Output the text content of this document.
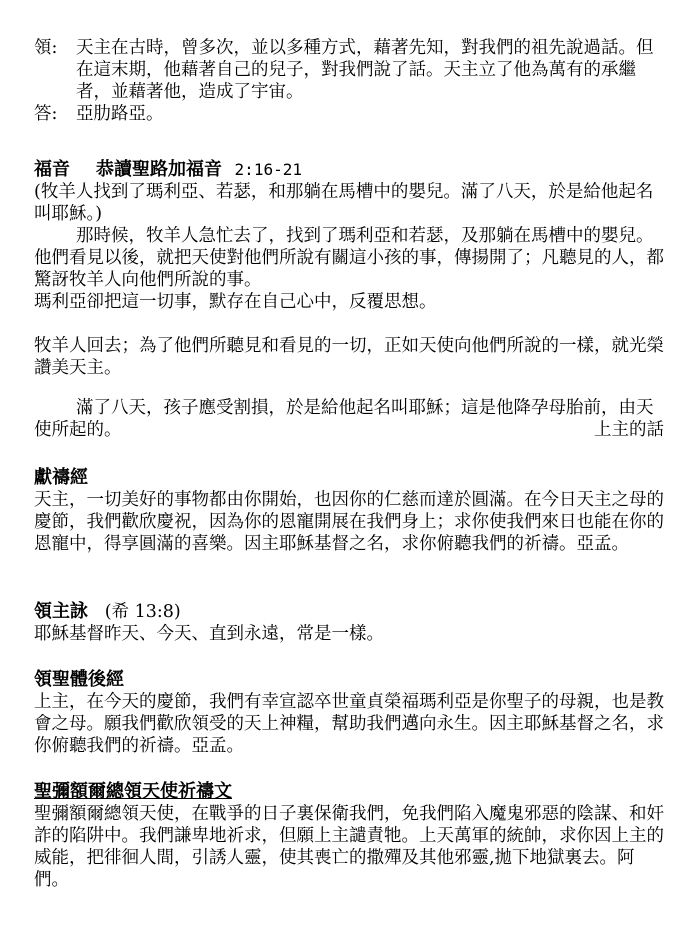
領:	天主在古時，曾多次，並以多種方式，藉著先知，對我們的祖先說過話。但在這末期，他藉著自己的兒子，對我們說了話。天主立了他為萬有的承繼者，並藉著他，造成了宇宙。
答:	亞肋路亞。
福音 恭讀聖路加福音 2:16-21

(牧羊人找到了瑪利亞、若瑟，和那躺在馬槽中的嬰兒。滿了八天，於是給他起名叫耶穌。)

那時候，牧羊人急忙去了，找到了瑪利亞和若瑟，及那躺在馬槽中的嬰兒。他們看見以後，就把天使對他們所說有關這小孩的事，傳揚開了；凡聽見的人，都驚訝牧羊人向他們所說的事。

瑪利亞卻把這一切事，默存在自己心中，反覆思想。

牧羊人回去；為了他們所聽見和看見的一切，正如天使向他們所說的一樣，就光榮讚美天主。

滿了八天，孩子應受割損，於是給他起名叫耶穌；這是他降孕母胎前，由天使所起的。	上主的話
獻禱經

天主，一切美好的事物都由你開始，也因你的仁慈而達於圓滿。在今日天主之母的慶節，我們歡欣慶祝，因為你的恩寵開展在我們身上；求你使我們來日也能在你的恩寵中，得享圓滿的喜樂。因主耶穌基督之名，求你俯聽我們的祈禱。亞孟。

領主詠 (希 13:8)

耶穌基督昨天、今天、直到永遠，常是一樣。

領聖體後經

上主，在今天的慶節，我們有幸宣認卒世童貞榮福瑪利亞是你聖子的母親，也是教會之母。願我們歡欣領受的天上神糧，幫助我們邁向永生。因主耶穌基督之名，求你俯聽我們的祈禱。亞孟。

聖彌額爾總領天使祈禱文

聖彌額爾總領天使，在戰爭的日子裏保衛我們，免我們陷入魔鬼邪惡的陰謀、和奸詐的陷阱中。我們謙卑地祈求，但願上主譴責牠。上天萬軍的統帥，求你因上主的威能，把徘徊人間，引誘人靈，使其喪亡的撒殫及其他邪靈,拋下地獄裏去。阿們。
